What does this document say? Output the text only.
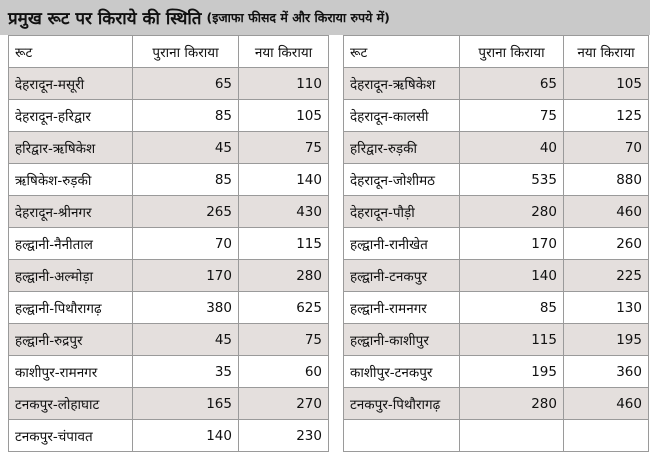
प्रमुख रूट पर किराये की स्थिति (इजाफा फीसद में और किराया रुपये में)
रूट	पुराना किराया	नया किराया
देहरादून-मसूरी	65	110
देहरादून-हरिद्वार	85	105
हरिद्वार-ऋषिकेश	45	75
ऋषिकेश-रुड़की	85	140
देहरादून-श्रीनगर	265	430
हल्द्वानी-नैनीताल	70	115
हल्द्वानी-अल्मोड़ा	170	280
हल्द्वानी-पिथौरागढ़	380	625
हल्द्वानी-रुद्रपुर	45	75
काशीपुर-रामनगर	35	60
टनकपुर-लोहाघाट	165	270
टनकपुर-चंपावत	140	230
रूट	पुराना किराया	नया किराया
देहरादून-ऋषिकेश	65	105
देहरादून-कालसी	75	125
हरिद्वार-रुड़की	40	70
देहरादून-जोशीमठ	535	880
देहरादून-पौड़ी	280	460
हल्द्वानी-रानीखेत	170	260
हल्द्वानी-टनकपुर	140	225
हल्द्वानी-रामनगर	85	130
हल्द्वानी-काशीपुर	115	195
काशीपुर-टनकपुर	195	360
टनकपुर-पिथौरागढ़	280	460
